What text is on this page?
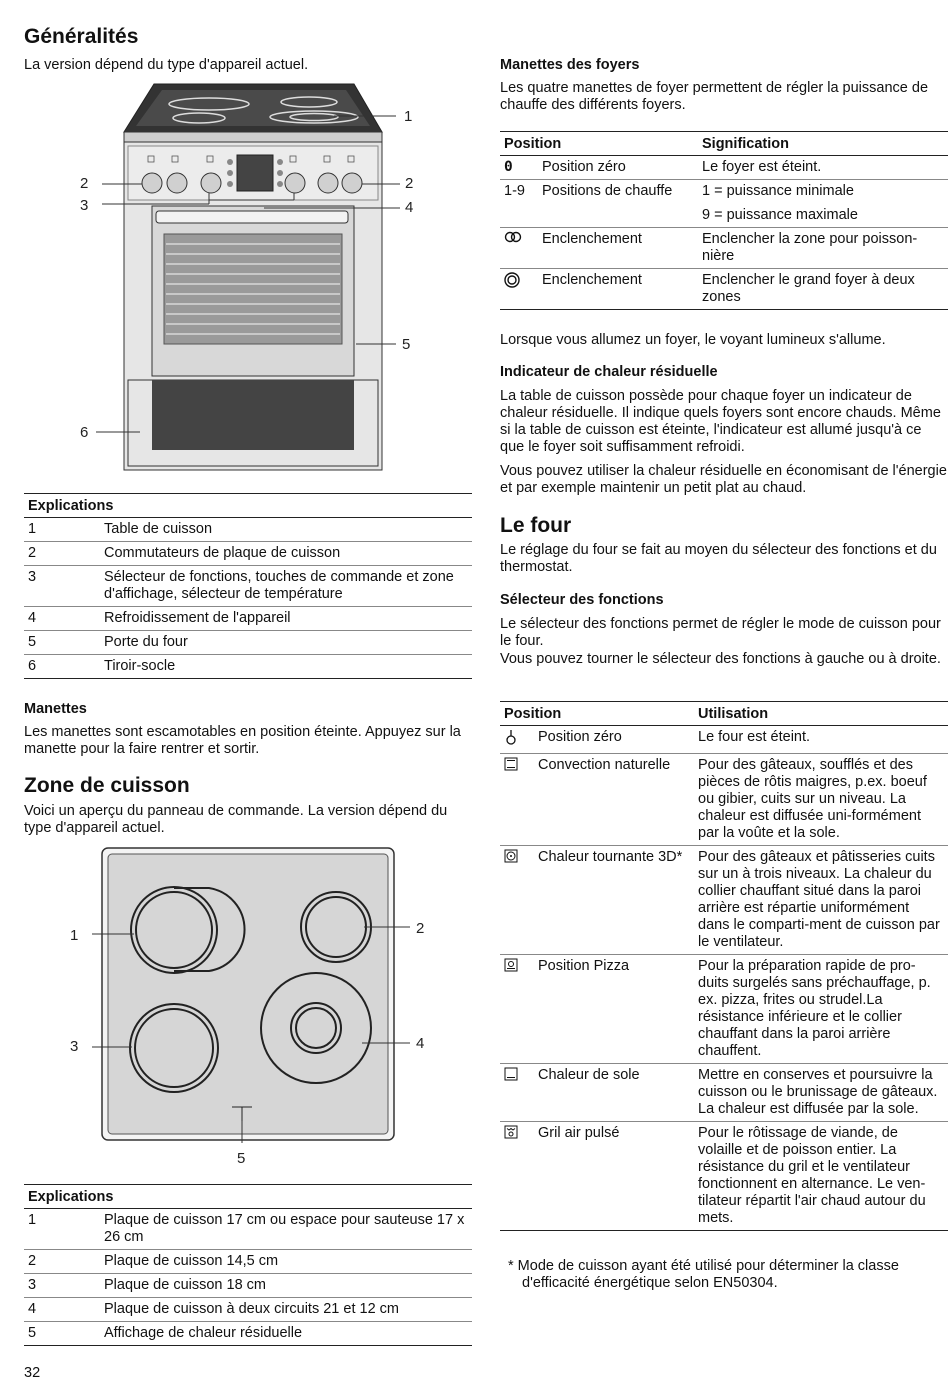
Généralités

La version dépend du type d'appareil actuel.

1
2
3
2
4
5
6
Explications	
1	Table de cuisson
2	Commutateurs de plaque de cuisson
3	Sélecteur de fonctions, touches de commande et zone d'affichage, sélecteur de température
4	Refroidissement de l'appareil
5	Porte du four
6	Tiroir-socle
Manettes

Les manettes sont escamotables en position éteinte. Appuyez sur la manette pour la faire rentrer et sortir.

Zone de cuisson

Voici un aperçu du panneau de commande. La version dépend du type d'appareil actuel.

1	2
3	4
5
Explications	
1	Plaque de cuisson 17 cm ou espace pour sauteuse 17 x 26 cm
2	Plaque de cuisson 14,5 cm
3	Plaque de cuisson 18 cm
4	Plaque de cuisson à deux circuits 21 et 12 cm
5	Affichage de chaleur résiduelle
32
Manettes des foyers

Les quatre manettes de foyer permettent de régler la puissance de chauffe des différents foyers.

Position		Signification
0	Position zéro	Le foyer est éteint.
1-9	Positions de chauffe	1 = puissance minimale
9 = puissance maximale

	Enclenchement	Enclencher la zone pour poisson-nière
	Enclenchement	Enclencher le grand foyer à deux zones

Lorsque vous allumez un foyer, le voyant lumineux s'allume.

Indicateur de chaleur résiduelle

La table de cuisson possède pour chaque foyer un indicateur de chaleur résiduelle. Il indique quels foyers sont encore chauds. Même si la table de cuisson est éteinte, l'indicateur est allumé jusqu'à ce que le foyer soit suffisamment refroidi.

Vous pouvez utiliser la chaleur résiduelle en économisant de l'énergie et par exemple maintenir un petit plat au chaud.

Le four

Le réglage du four se fait au moyen du sélecteur des fonctions et du thermostat.

Sélecteur des fonctions

Le sélecteur des fonctions permet de régler le mode de cuisson pour le four.

Vous pouvez tourner le sélecteur des fonctions à gauche ou à droite.

Position		Utilisation
	Position zéro	Le four est éteint.
	Convection naturelle	Pour des gâteaux, soufflés et des pièces de rôtis maigres, p.ex. boeuf ou gibier, cuits sur un niveau. La chaleur est diffusée uni-formément par la voûte et la sole.
	Chaleur tournante 3D*	Pour des gâteaux et pâtisseries cuits sur un à trois niveaux. La chaleur du collier chauffant situé dans la paroi arrière est répartie uniformément dans le comparti-ment de cuisson par le ventilateur.
	Position Pizza	Pour la préparation rapide de pro-duits surgelés sans préchauffage, p. ex. pizza, frites ou strudel.La résistance inférieure et le collier chauffant dans la paroi arrière chauffent.
	Chaleur de sole	Mettre en conserves et poursuivre la cuisson ou le brunissage de gâteaux. La chaleur est diffusée par la sole.
	Gril air pulsé	Pour le rôtissage de viande, de volaille et de poisson entier. La résistance du gril et le ventilateur fonctionnent en alternance. Le ven-tilateur répartit l'air chaud autour du mets.

* Mode de cuisson ayant été utilisé pour déterminer la classe d'efficacité énergétique selon EN50304.
